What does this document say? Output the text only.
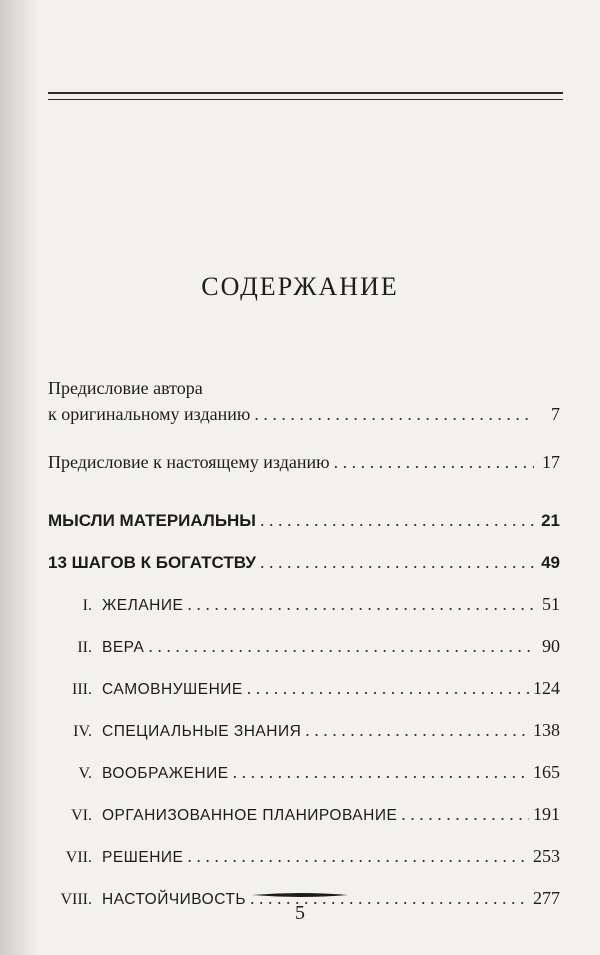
СОДЕРЖАНИЕ
Предисловие автора
к оригинальному изданию . . .	7
Предисловие к настоящему изданию . . .	17
МЫСЛИ МАТЕРИАЛЬНЫ . . .	21
13 ШАГОВ К БОГАТСТВУ . . .	49
I. ЖЕЛАНИЕ . . .	51
II. ВЕРА . . .	90
III. САМОВНУШЕНИЕ . . .	124
IV. СПЕЦИАЛЬНЫЕ ЗНАНИЯ . . .	138
V. ВООБРАЖЕНИЕ . . .	165
VI. ОРГАНИЗОВАННОЕ ПЛАНИРОВАНИЕ . . .	191
VII. РЕШЕНИЕ . . .	253
VIII. НАСТОЙЧИВОСТЬ . . .	277
5
